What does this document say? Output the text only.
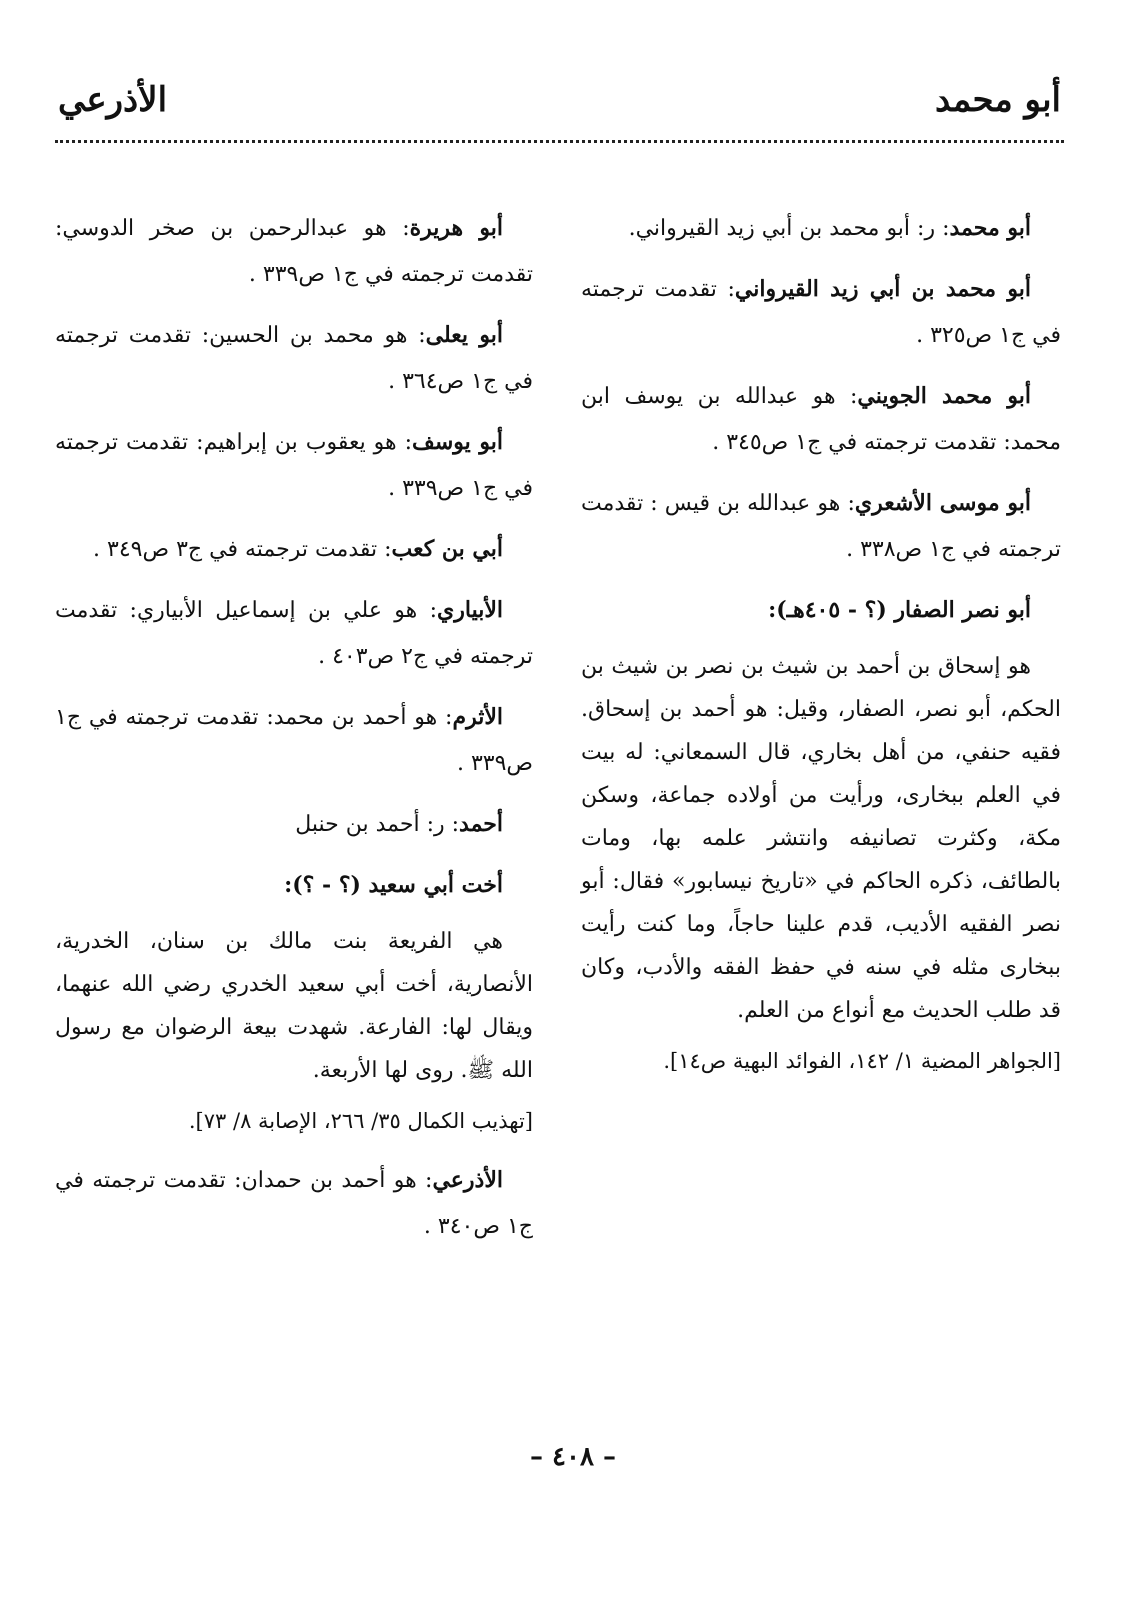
أبو محمد
الأذرعي

أبو محمد: ر: أبو محمد بن أبي زيد القيرواني.

أبو محمد بن أبي زيد القيرواني: تقدمت ترجمته في ج١ ص٣٢٥ .

أبو محمد الجويني: هو عبدالله بن يوسف ابن محمد: تقدمت ترجمته في ج١ ص٣٤٥ .

أبو موسى الأشعري: هو عبدالله بن قيس : تقدمت ترجمته في ج١ ص٣٣٨ .

أبو نصر الصفار (؟ - ٤٠٥هـ):

هو إسحاق بن أحمد بن شيث بن نصر بن شيث بن الحكم، أبو نصر، الصفار، وقيل: هو أحمد بن إسحاق. فقيه حنفي، من أهل بخاري، قال السمعاني: له بيت في العلم ببخارى، ورأيت من أولاده جماعة، وسكن مكة، وكثرت تصانيفه وانتشر علمه بها، ومات بالطائف، ذكره الحاكم في «تاريخ نيسابور» فقال: أبو نصر الفقيه الأديب، قدم علينا حاجاً، وما كنت رأيت ببخارى مثله في سنه في حفظ الفقه والأدب، وكان قد طلب الحديث مع أنواع من العلم.

[الجواهر المضية ١/ ١٤٢، الفوائد البهية ص١٤].

أبو هريرة: هو عبدالرحمن بن صخر الدوسي: تقدمت ترجمته في ج١ ص٣٣٩ .

أبو يعلى: هو محمد بن الحسين: تقدمت ترجمته في ج١ ص٣٦٤ .

أبو يوسف: هو يعقوب بن إبراهيم: تقدمت ترجمته في ج١ ص٣٣٩ .

أبي بن كعب: تقدمت ترجمته في ج٣ ص٣٤٩ .

الأبياري: هو علي بن إسماعيل الأبياري: تقدمت ترجمته في ج٢ ص٤٠٣ .

الأثرم: هو أحمد بن محمد: تقدمت ترجمته في ج١ ص٣٣٩ .

أحمد: ر: أحمد بن حنبل

أخت أبي سعيد (؟ - ؟):

هي الفريعة بنت مالك بن سنان، الخدرية، الأنصارية، أخت أبي سعيد الخدري رضي الله عنهما، ويقال لها: الفارعة. شهدت بيعة الرضوان مع رسول الله ﷺ. روى لها الأربعة.

[تهذيب الكمال ٣٥/ ٢٦٦، الإصابة ٨/ ٧٣].

الأذرعي: هو أحمد بن حمدان: تقدمت ترجمته في ج١ ص٣٤٠ .

– ٤٠٨ –
